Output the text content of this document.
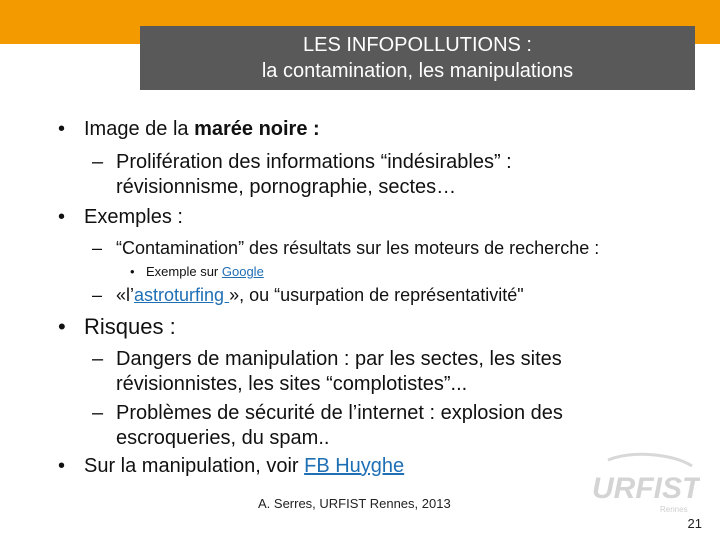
LES INFOPOLLUTIONS :
la contamination, les manipulations
• Image de la marée noire :
– Prolifération des informations “indésirables” :
révisionnisme, pornographie, sectes…
• Exemples :
– “Contamination” des résultats sur les moteurs de recherche :
• Exemple sur Google
– «l’astroturfing », ou “usurpation de représentativité"
• Risques :
– Dangers de manipulation : par les sectes, les sites
révisionnistes, les sites “complotistes”...
– Problèmes de sécurité de l’internet : explosion des
escroqueries, du spam..
• Sur la manipulation, voir FB Huyghe
A. Serres, URFIST Rennes, 2013	URFIST
Rennes
21
